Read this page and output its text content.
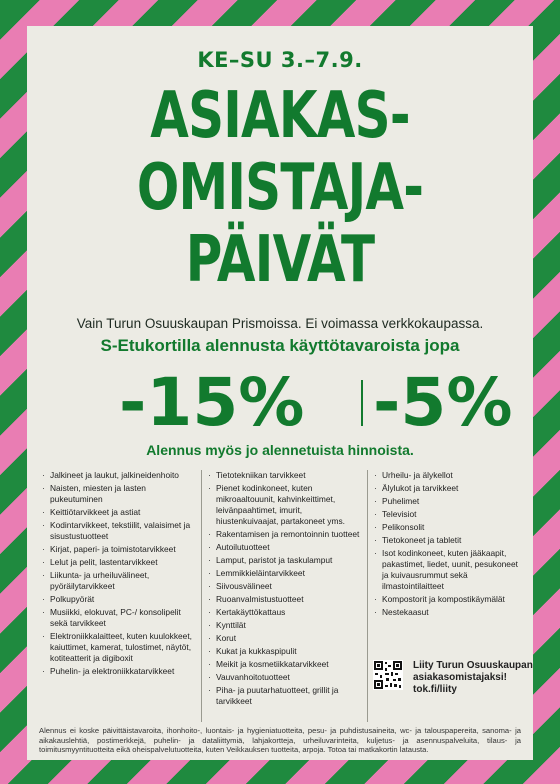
KE–SU 3.–7.9.
ASIAKAS-
OMISTAJA-
PÄIVÄT
Vain Turun Osuuskaupan Prismoissa. Ei voimassa verkkokaupassa.
S-Etukortilla alennusta käyttötavaroista jopa
-15% -5%
Alennus myös jo alennetuista hinnoista.
· Jalkineet ja laukut, jalkineidenhoito
· Naisten, miesten ja lasten pukeutuminen
· Keittiötarvikkeet ja astiat
· Kodintarvikkeet, tekstiilit, valaisimet ja sisustustuotteet
· Kirjat, paperi- ja toimistotarvikkeet
· Lelut ja pelit, lastentarvikkeet
· Liikunta- ja urheiluvälineet, pyöräilytarvikkeet
· Polkupyörät
· Musiikki, elokuvat, PC-/ konsolipelit sekä tarvikkeet
· Elektroniikkalaitteet, kuten kuulokkeet, kaiuttimet, kamerat, tulostimet, näytöt, kotiteatterit ja digiboxit
· Puhelin- ja elektroniikkatarvikkeet
· Tietotekniikan tarvikkeet
· Pienet kodinkoneet, kuten mikroaaltouunit, kahvinkeittimet, leivänpaahtimet, imurit, hiustenkuivaajat, partakoneet yms.
· Rakentamisen ja remontoinnin tuotteet
· Autoilutuotteet
· Lamput, paristot ja taskulamput
· Lemmikkieläintarvikkeet
· Siivousvälineet
· Ruoanvalmistustuotteet
· Kertakäyttökattaus
· Kynttilät
· Korut
· Kukat ja kukkaspipulit
· Meikit ja kosmetiikkatarvikkeet
· Vauvanhoitotuotteet
· Piha- ja puutarhatuotteet, grillit ja tarvikkeet
· Urheilu- ja älykellot
· Älylukot ja tarvikkeet
· Puhelimet
· Televisiot
· Pelikonsolit
· Tietokoneet ja tabletit
· Isot kodinkoneet, kuten jääkaapit, pakastimet, liedet, uunit, pesukoneet ja kuivausrummut sekä ilmastointilaitteet
· Kompostorit ja kompostikäymälät
· Nestekaasut
Liity Turun Osuuskaupan
asiakasomistajaksi!
tok.fi/liity
Alennus ei koske päivittäistavaroita, ihonhoito-, luontais- ja hygieniatuotteita, pesu- ja puhdistusaineita, wc- ja talouspapereita, sanoma- ja aikakauslehtiä, postimerkkejä, puhelin- ja dataliittymiä, lahjakortteja, urheiluvarinteita, kuljetus- ja asennuspalveluita, tilaus- ja toimitusmyyntituotteita eikä oheispalvelutuotteita, kuten Veikkauksen tuotteita, arpoja. Totoa tai matkakortin latausta.
